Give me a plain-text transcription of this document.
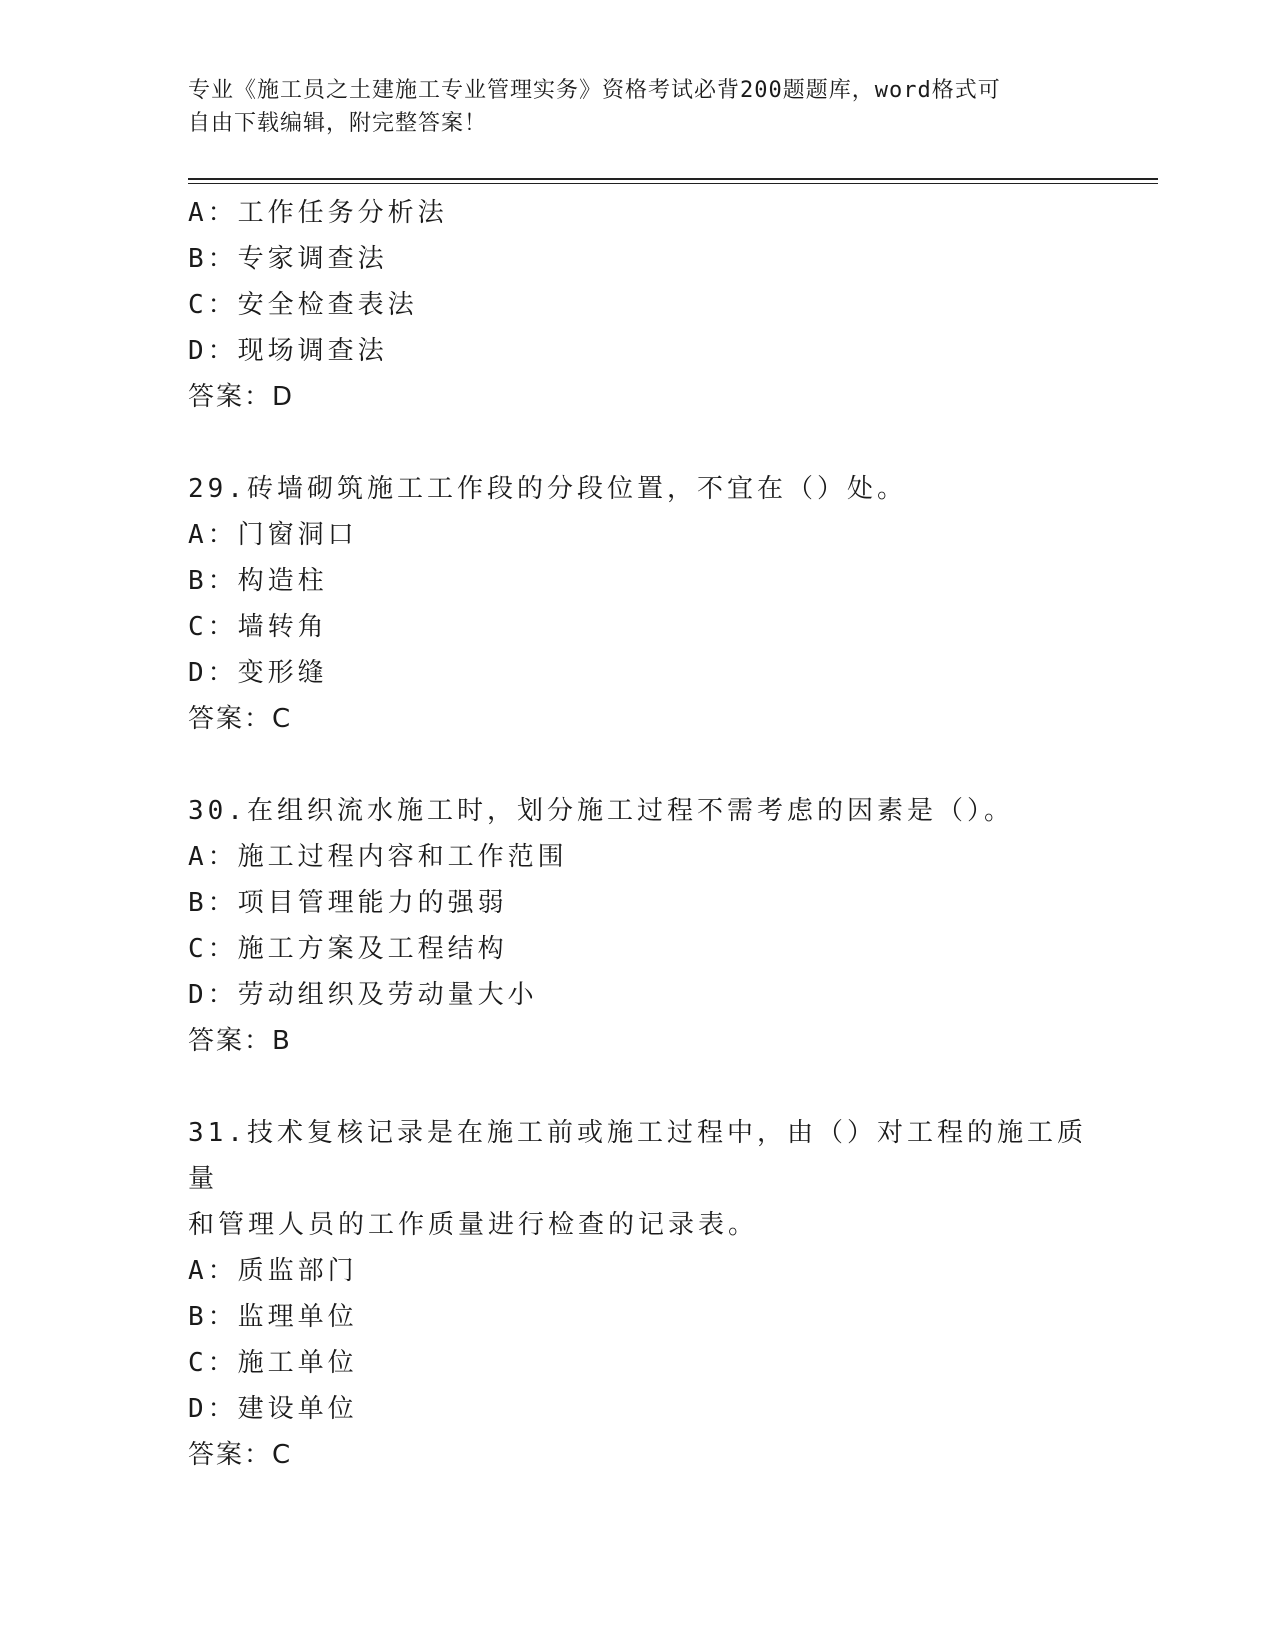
专业《施工员之土建施工专业管理实务》资格考试必背200题题库，word格式可
自由下载编辑，附完整答案！
A：工作任务分析法
B：专家调查法
C：安全检查表法
D：现场调查法
答案：D
29.砖墙砌筑施工工作段的分段位置，不宜在（）处。
A：门窗洞口
B：构造柱
C：墙转角
D：变形缝
答案：C
30.在组织流水施工时，划分施工过程不需考虑的因素是（）。
A：施工过程内容和工作范围
B：项目管理能力的强弱
C：施工方案及工程结构
D：劳动组织及劳动量大小
答案：B
31.技术复核记录是在施工前或施工过程中，由（）对工程的施工质量
和管理人员的工作质量进行检查的记录表。
A：质监部门
B：监理单位
C：施工单位
D：建设单位
答案：C
